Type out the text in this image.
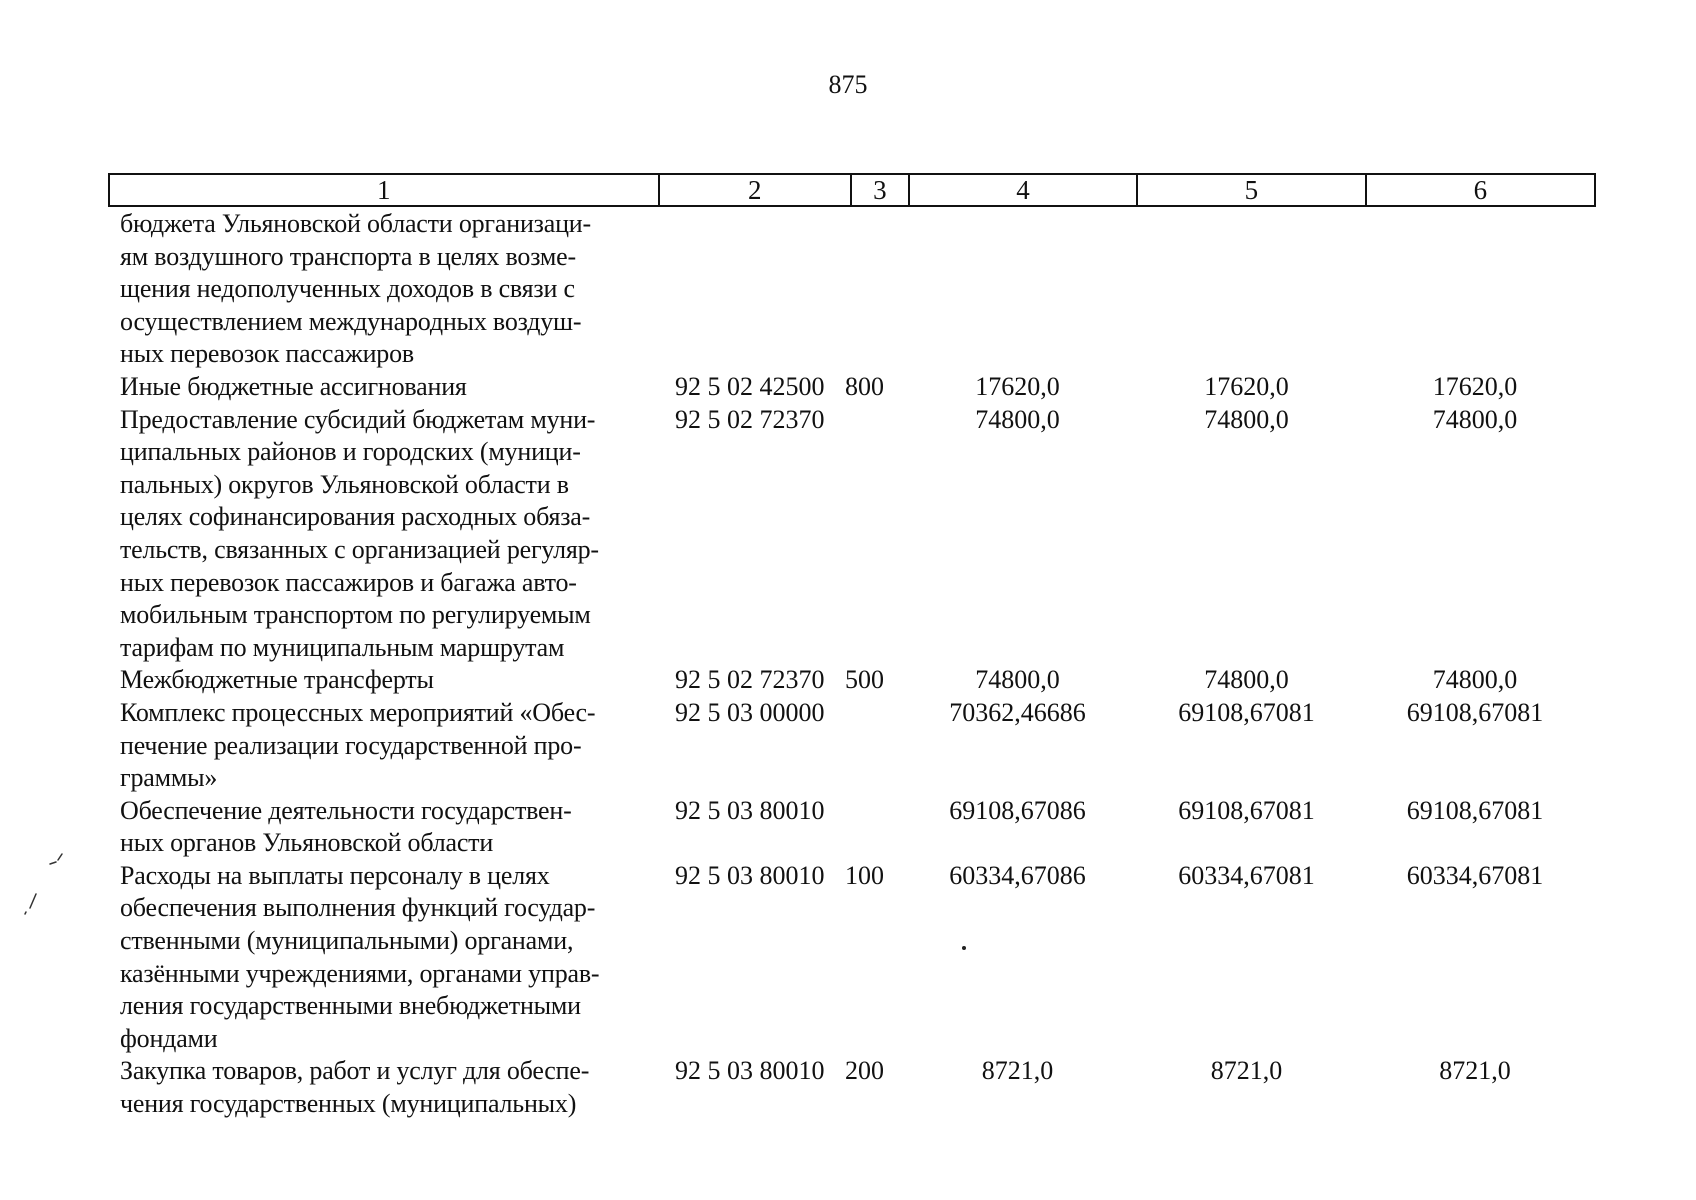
875
1	2	3	4	5	6
бюджета Ульяновской области организаци-
ям воздушного транспорта в целях возме-
щения недополученных доходов в связи с
осуществлением международных воздуш-
ных перевозок пассажиров
Иные бюджетные ассигнования	92 5 02 42500 800	17620,0	17620,0	17620,0
Предоставление субсидий бюджетам муни-
ципальных районов и городских (муници-
пальных) округов Ульяновской области в
целях софинансирования расходных обяза-
тельств, связанных с организацией регуляр-
ных перевозок пассажиров и багажа авто-
мобильным транспортом по регулируемым
тарифам по муниципальным маршрутам
92 5 02 72370	74800,0	74800,0	74800,0
Межбюджетные трансферты	92 5 02 72370 500	74800,0	74800,0	74800,0
Комплекс процессных мероприятий «Обес-
печение реализации государственной про-
граммы»
92 5 03 00000	70362,46686	69108,67081	69108,67081
Обеспечение деятельности государствен-
ных органов Ульяновской области
92 5 03 80010	69108,67086	69108,67081	69108,67081
Расходы на выплаты персоналу в целях
обеспечения выполнения функций государ-
ственными (муниципальными) органами,
казёнными учреждениями, органами управ-
ления государственными внебюджетными
фондами
92 5 03 80010 100	60334,67086	60334,67081	60334,67081
Закупка товаров, работ и услуг для обеспе-
чения государственных (муниципальных)
92 5 03 80010 200	8721,0	8721,0	8721,0
